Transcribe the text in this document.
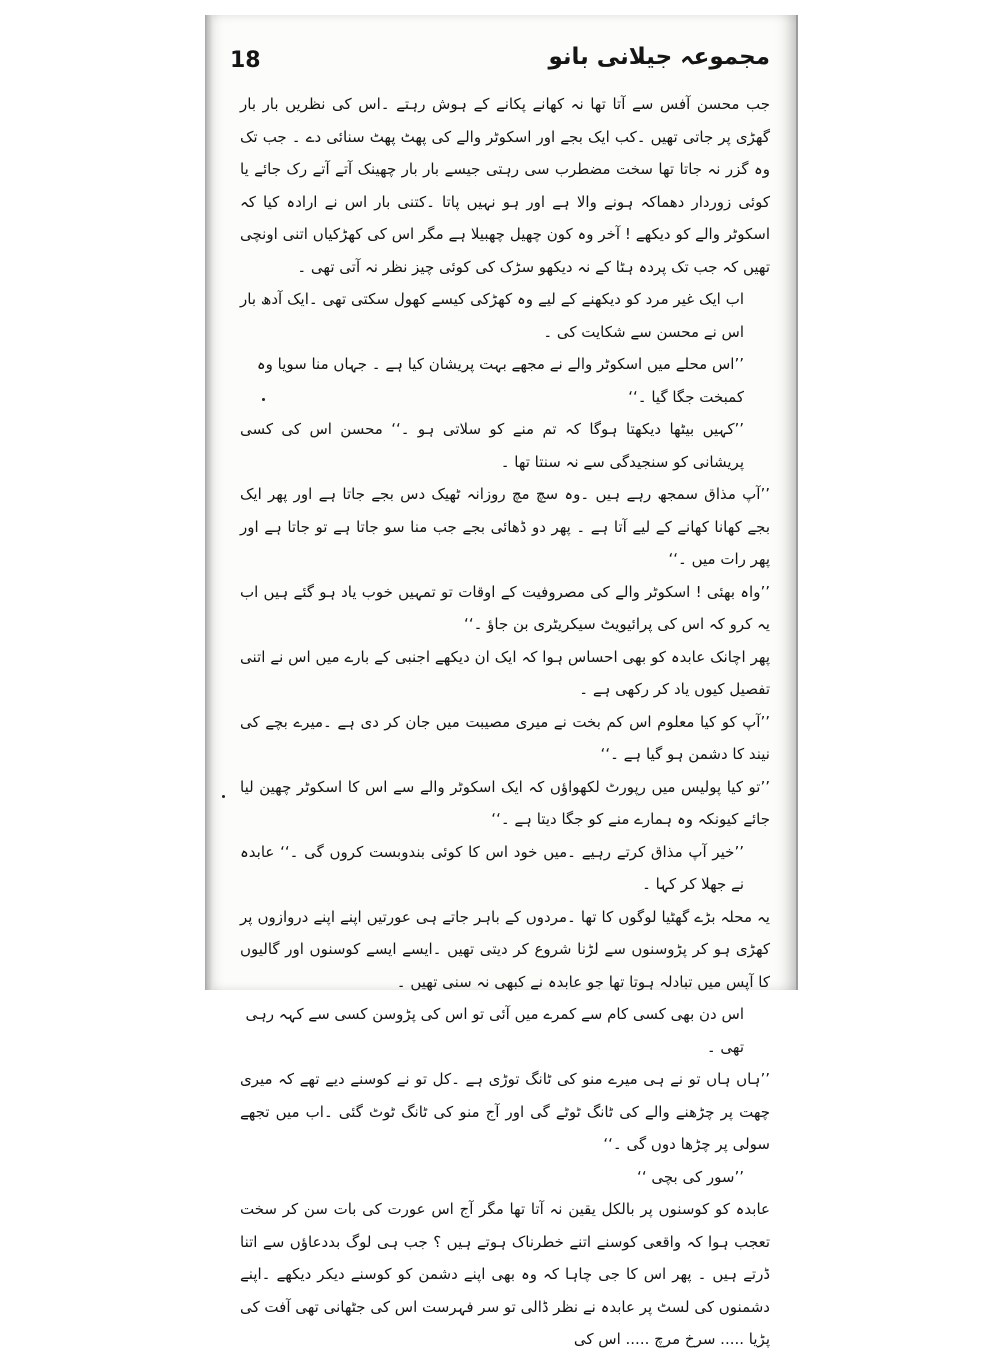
18	مجموعہ جیلانی بانو

جب محسن آفس سے آتا تھا نہ کھانے پکانے کے ہوش رہتے ۔اس کی نظریں بار بار گھڑی پر جاتی تھیں ۔کب ایک بجے اور اسکوٹر والے کی پھٹ پھٹ سنائی دے ۔ جب تک وہ گزر نہ جاتا تھا سخت مضطرب سی رہتی جیسے بار بار چھینک آتے آتے رک جائے یا کوئی زوردار دھماکہ ہونے والا ہے اور ہو نہیں پاتا ۔کتنی بار اس نے ارادہ کیا کہ اسکوٹر والے کو دیکھے ! آخر وہ کون چھیل چھبیلا ہے مگر اس کی کھڑکیاں اتنی اونچی تھیں کہ جب تک پردہ ہٹا کے نہ دیکھو سڑک کی کوئی چیز نظر نہ آتی تھی ۔

اب ایک غیر مرد کو دیکھنے کے لیے وہ کھڑکی کیسے کھول سکتی تھی ۔ایک آدھ بار اس نے محسن سے شکایت کی ۔

’’اس محلے میں اسکوٹر والے نے مجھے بہت پریشان کیا ہے ۔ جہاں منا سویا وہ کمبخت جگا گیا ۔‘‘

’’کہیں بیٹھا دیکھتا ہوگا کہ تم منے کو سلاتی ہو ۔‘‘ محسن اس کی کسی پریشانی کو سنجیدگی سے نہ سنتا تھا ۔

’’آپ مذاق سمجھ رہے ہیں ۔وہ سچ مچ روزانہ ٹھیک دس بجے جاتا ہے اور پھر ایک بجے کھانا کھانے کے لیے آتا ہے ۔ پھر دو ڈھائی بجے جب منا سو جاتا ہے تو جاتا ہے اور پھر رات میں ۔‘‘

’’واہ بھئی ! اسکوٹر والے کی مصروفیت کے اوقات تو تمہیں خوب یاد ہو گئے ہیں اب یہ کرو کہ اس کی پرائیویٹ سیکریٹری بن جاؤ ۔‘‘

پھر اچانک عابدہ کو بھی احساس ہوا کہ ایک ان دیکھے اجنبی کے بارے میں اس نے اتنی تفصیل کیوں یاد کر رکھی ہے ۔

’’آپ کو کیا معلوم اس کم بخت نے میری مصیبت میں جان کر دی ہے ۔میرے بچے کی نیند کا دشمن ہو گیا ہے ۔‘‘

’’تو کیا پولیس میں رپورٹ لکھواؤں کہ ایک اسکوٹر والے سے اس کا اسکوٹر چھین لیا جائے کیونکہ وہ ہمارے منے کو جگا دیتا ہے ۔‘‘

’’خیر آپ مذاق کرتے رہیے ۔میں خود اس کا کوئی بندوبست کروں گی ۔‘‘ عابدہ نے جھلا کر کہا ۔

یہ محلہ بڑے گھٹیا لوگوں کا تھا ۔مردوں کے باہر جاتے ہی عورتیں اپنے اپنے دروازوں پر کھڑی ہو کر پڑوسنوں سے لڑنا شروع کر دیتی تھیں ۔ایسے ایسے کوسنوں اور گالیوں کا آپس میں تبادلہ ہوتا تھا جو عابدہ نے کبھی نہ سنی تھیں ۔

اس دن بھی کسی کام سے کمرے میں آئی تو اس کی پڑوسن کسی سے کہہ رہی تھی ۔

’’ہاں ہاں تو نے ہی میرے منو کی ٹانگ توڑی ہے ۔کل تو نے کوسنے دیے تھے کہ میری چھت پر چڑھنے والے کی ٹانگ ٹوٹے گی اور آج منو کی ٹانگ ٹوٹ گئی ۔اب میں تجھے سولی پر چڑھا دوں گی ۔‘‘

’’سور کی بچی ‘‘

عابدہ کو کوسنوں پر بالکل یقین نہ آتا تھا مگر آج اس عورت کی بات سن کر سخت تعجب ہوا کہ واقعی کوسنے اتنے خطرناک ہوتے ہیں ؟ جب ہی لوگ بددعاؤں سے اتنا ڈرتے ہیں ۔ پھر اس کا جی چاہا کہ وہ بھی اپنے دشمن کو کوسنے دیکر دیکھے ۔اپنے دشمنوں کی لسٹ پر عابدہ نے نظر ڈالی تو سر فہرست اس کی جٹھانی تھی آفت کی پڑیا ..... سرخ مرچ ..... اس کی
